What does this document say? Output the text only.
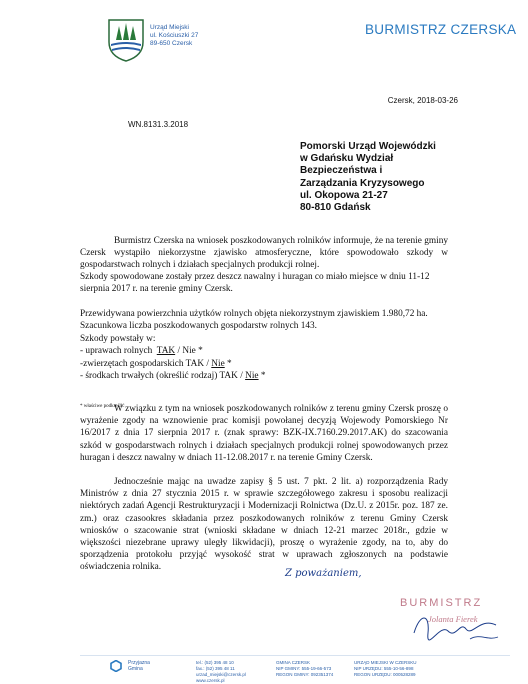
Urząd Miejski
ul. Kościuszki 27
89-650 Czersk
BURMISTRZ CZERSKA
Czersk, 2018-03-26
WN.8131.3.2018
Pomorski Urząd Wojewódzki
w Gdańsku Wydział
Bezpieczeństwa i
Zarządzania Kryzysowego
ul. Okopowa 21-27
80-810 Gdańsk
Burmistrz Czerska na wniosek poszkodowanych rolników informuje, że na terenie gminy Czersk wystąpiło niekorzystne zjawisko atmosferyczne, które spowodowało szkody w gospodarstwach rolnych i działach specjalnych produkcji rolnej.
Szkody spowodowane zostały przez deszcz nawalny i huragan co miało miejsce w dniu 11-12 sierpnia 2017 r. na terenie gminy Czersk.
Przewidywana powierzchnia użytków rolnych objęta niekorzystnym zjawiskiem 1.980,72 ha.
Szacunkowa liczba poszkodowanych gospodarstw rolnych 143.
Szkody powstały w:
- uprawach rolnych  TAK / Nie *
-zwierzętach gospodarskich TAK / Nie *
- środkach trwałych (określić rodzaj) TAK / Nie *
* właściwe podkreślić
W związku z tym na wniosek poszkodowanych rolników z terenu gminy Czersk proszę o wyrażenie zgody na wznowienie prac komisji powołanej decyzją Wojewody Pomorskiego Nr 16/2017 z dnia 17 sierpnia 2017 r. (znak sprawy: BZK-IX.7160.29.2017.AK) do szacowania szkód w gospodarstwach rolnych i działach specjalnych produkcji rolnej spowodowanych przez huragan i deszcz nawalny w dniach 11-12.08.2017 r. na terenie Gminy Czersk.
Jednocześnie mając na uwadze zapisy § 5 ust. 7 pkt. 2 lit. a) rozporządzenia Rady Ministrów z dnia 27 stycznia 2015 r. w sprawie szczegółowego zakresu i sposobu realizacji niektórych zadań Agencji Restrukturyzacji i Modernizacji Rolnictwa (Dz.U. z 2015r. poz. 187 ze. zm.) oraz czasookres składania przez poszkodowanych rolników z terenu Gminy Czersk wniosków o szacowanie strat (wnioski składane w dniach 12-21 marzec 2018r., gdzie w większości niezebrane uprawy uległy likwidacji), proszę o wyrażenie zgody, na to, aby do sporządzenia protokołu przyjąć wysokość strat w uprawach zgłoszonych na podstawie oświadczenia rolnika.
Z poważaniem,
BURMISTRZ
Jolanta Fierek
Przyjazna
Gmina
tel.: (52) 395 48 10
fax.: (52) 395 48 11
urzad_miejski@czersk.pl
www.czersk.pl
GMINA CZERSK
NIP GMINY: 555-19-66-573
REGON GMINY: 092351374
URZĄD MIEJSKI W CZERSKU
NIP URZĘDU: 555-10-56-898
REGON URZĘDU: 000528289
